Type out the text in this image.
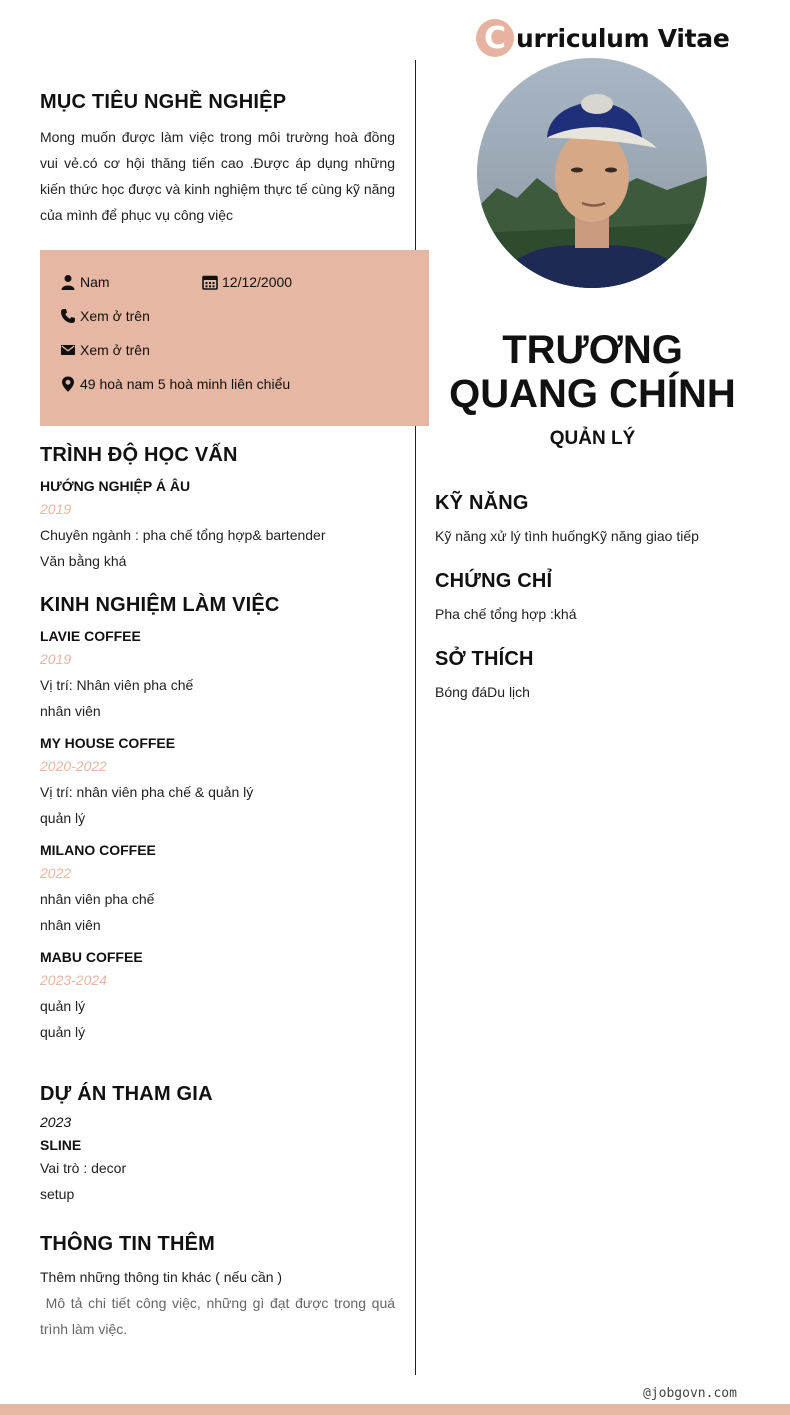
C urriculum Vitae
MỤC TIÊU NGHỀ NGHIỆP

Mong muốn được làm việc trong môi trường hoà đồng vui vẻ.có cơ hội thăng tiến cao .Được áp dụng những kiến thức học được và kinh nghiệm thực tế cùng kỹ năng của mình để phục vụ công việc

Nam	12/12/2000
Xem ở trên
Xem ở trên
49 hoà nam 5 hoà minh liên chiểu
TRƯƠNG QUANG CHÍNH
QUẢN LÝ
TRÌNH ĐỘ HỌC VẤN

HƯỚNG NGHIỆP Á ÂU

2019

Chuyên ngành : pha chế tổng hợp& bartender

Văn bằng khá

KINH NGHIỆM LÀM VIỆC

LAVIE COFFEE

2019

Vị trí: Nhân viên pha chế

nhân viên

MY HOUSE COFFEE

2020-2022

Vị trí: nhân viên pha chế & quản lý

quản lý

MILANO COFFEE

2022

nhân viên pha chế

nhân viên

MABU COFFEE

2023-2024

quản lý

quản lý

DỰ ÁN THAM GIA

2023

SLINE

Vai trò : decor

setup

THÔNG TIN THÊM

Thêm những thông tin khác ( nếu cần )

Mô tả chi tiết công việc, những gì đạt được trong quá trình làm việc.

KỸ NĂNG

Kỹ năng xử lý tình huốngKỹ năng giao tiếp

CHỨNG CHỈ

Pha chế tổng hợp :khá

SỞ THÍCH

Bóng đáDu lịch

@jobgovn.com
